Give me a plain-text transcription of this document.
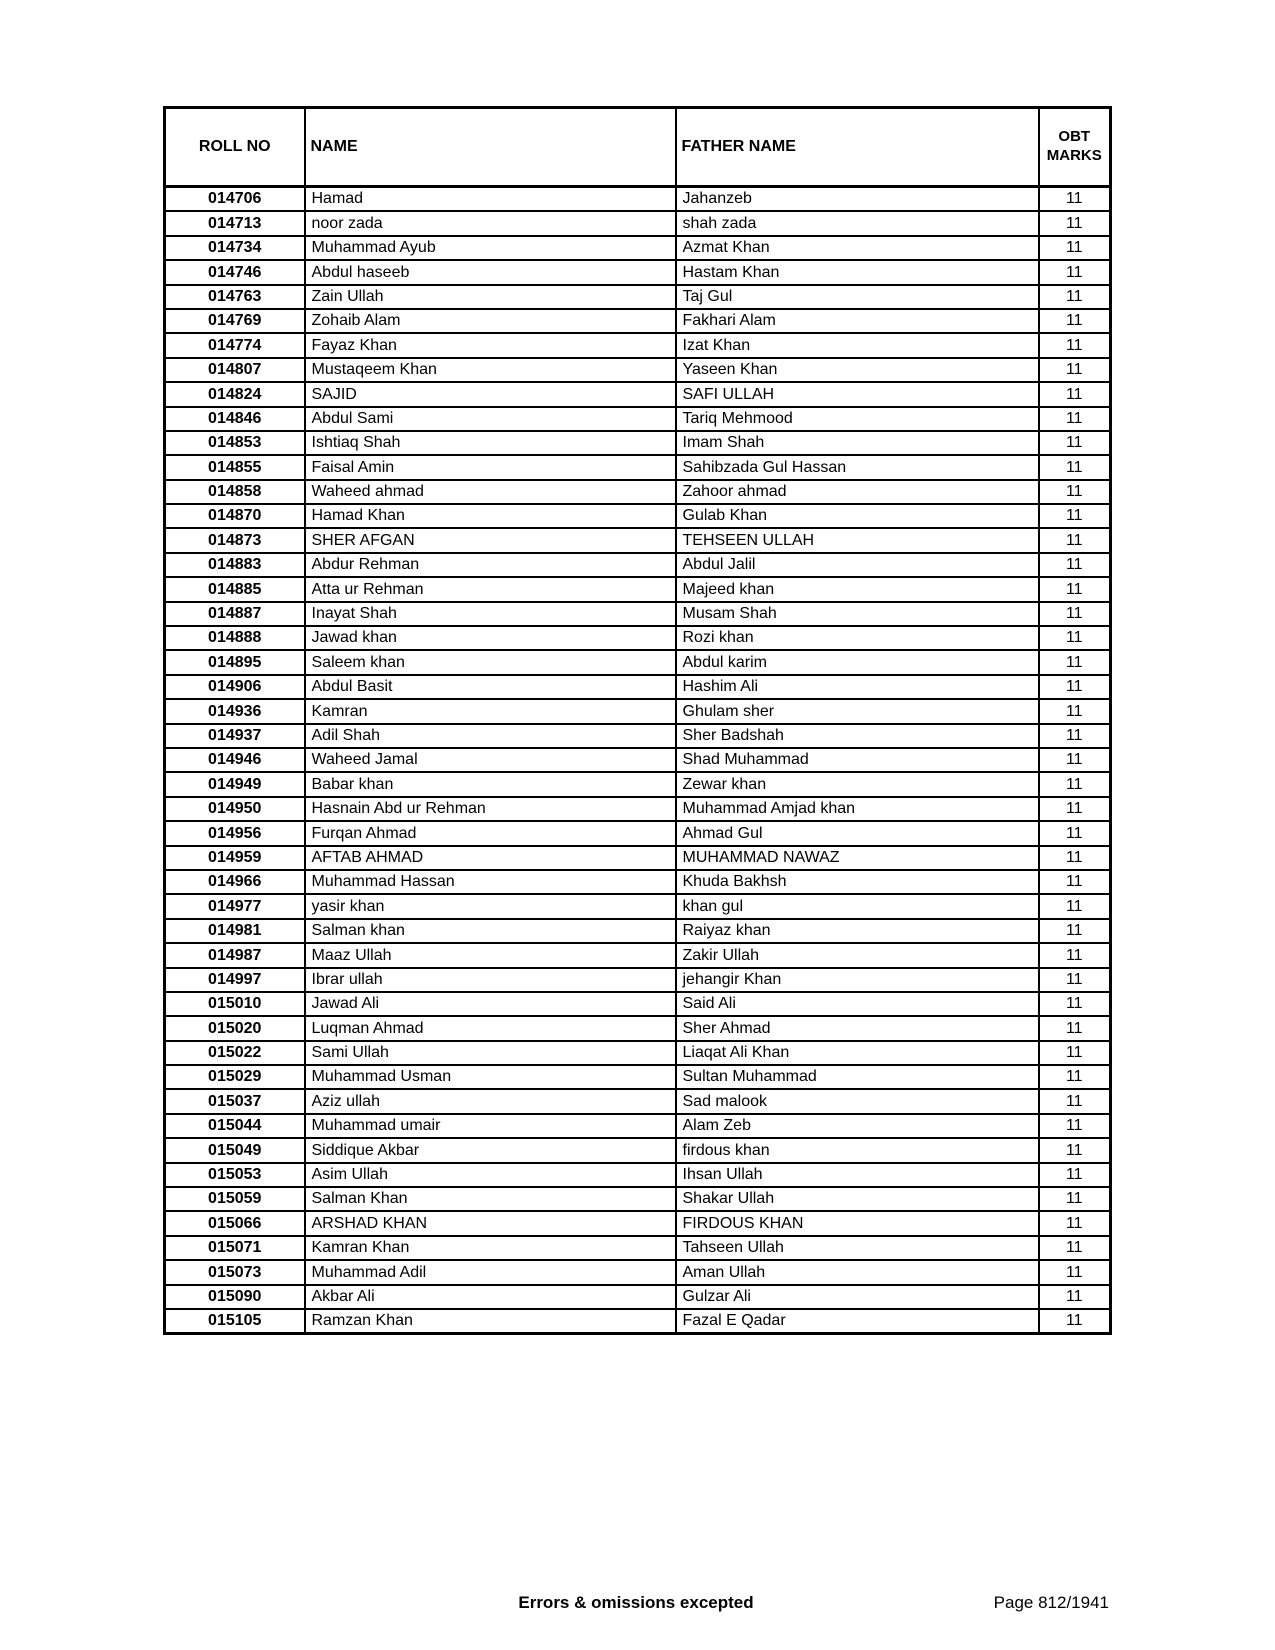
ROLL NO	NAME	FATHER NAME	OBT
MARKS
014706	Hamad	Jahanzeb	11
014713	noor zada	shah zada	11
014734	Muhammad Ayub	Azmat Khan	11
014746	Abdul haseeb	Hastam Khan	11
014763	Zain Ullah	Taj Gul	11
014769	Zohaib Alam	Fakhari Alam	11
014774	Fayaz Khan	Izat Khan	11
014807	Mustaqeem Khan	Yaseen Khan	11
014824	SAJID	SAFI ULLAH	11
014846	Abdul Sami	Tariq Mehmood	11
014853	Ishtiaq Shah	Imam Shah	11
014855	Faisal Amin	Sahibzada Gul Hassan	11
014858	Waheed ahmad	Zahoor ahmad	11
014870	Hamad Khan	Gulab Khan	11
014873	SHER AFGAN	TEHSEEN ULLAH	11
014883	Abdur Rehman	Abdul Jalil	11
014885	Atta ur Rehman	Majeed khan	11
014887	Inayat Shah	Musam Shah	11
014888	Jawad khan	Rozi khan	11
014895	Saleem khan	Abdul karim	11
014906	Abdul Basit	Hashim Ali	11
014936	Kamran	Ghulam sher	11
014937	Adil Shah	Sher Badshah	11
014946	Waheed Jamal	Shad Muhammad	11
014949	Babar khan	Zewar khan	11
014950	Hasnain Abd ur Rehman	Muhammad Amjad khan	11
014956	Furqan Ahmad	Ahmad Gul	11
014959	AFTAB AHMAD	MUHAMMAD NAWAZ	11
014966	Muhammad Hassan	Khuda Bakhsh	11
014977	yasir khan	khan gul	11
014981	Salman khan	Raiyaz khan	11
014987	Maaz Ullah	Zakir Ullah	11
014997	Ibrar ullah	jehangir Khan	11
015010	Jawad Ali	Said Ali	11
015020	Luqman Ahmad	Sher Ahmad	11
015022	Sami Ullah	Liaqat Ali Khan	11
015029	Muhammad Usman	Sultan Muhammad	11
015037	Aziz ullah	Sad malook	11
015044	Muhammad umair	Alam Zeb	11
015049	Siddique Akbar	firdous khan	11
015053	Asim Ullah	Ihsan Ullah	11
015059	Salman Khan	Shakar Ullah	11
015066	ARSHAD KHAN	FIRDOUS KHAN	11
015071	Kamran Khan	Tahseen Ullah	11
015073	Muhammad Adil	Aman Ullah	11
015090	Akbar Ali	Gulzar Ali	11
015105	Ramzan Khan	Fazal E Qadar	11
Errors & omissions excepted	Page 812/1941
